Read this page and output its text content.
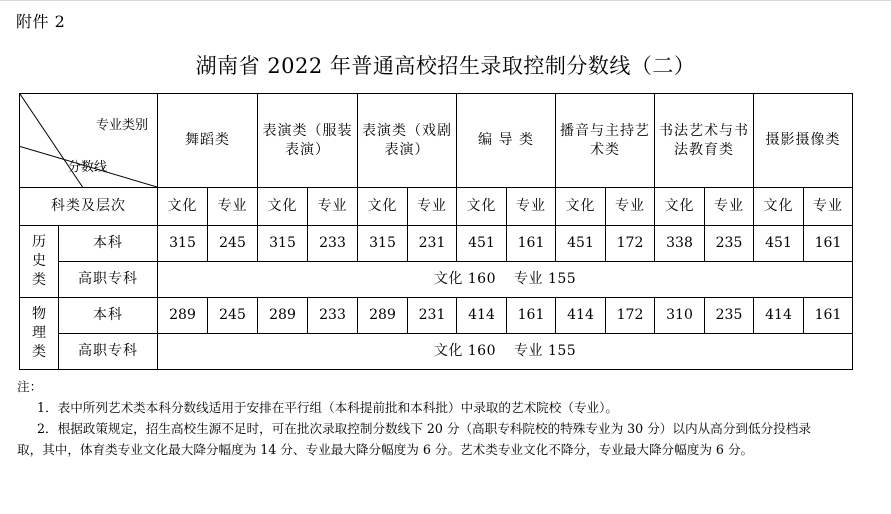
附件 2
湖南省 2022 年普通高校招生录取控制分数线（二）
专业类别
分数线		舞蹈类		表演类（服装表演）		表演类（戏剧表演）		编 导 类		播音与主持艺术类		书法艺术与书法教育类		摄影摄像类	
科类及层次		文化	专业	文化	专业	文化	专业	文化	专业	文化	专业	文化	专业	文化	专业
历史类	本科	315	245	315	233	315	231	451	161	451	172	338	235	451	161
	高职专科	文化 160 专业 155													
物理类	本科	289	245	289	233	289	231	414	161	414	172	310	235	414	161
	高职专科	文化 160 专业 155													
注：
1．表中所列艺术类本科分数线适用于安排在平行组（本科提前批和本科批）中录取的艺术院校（专业）。
2．根据政策规定，招生高校生源不足时，可在批次录取控制分数线下 20 分（高职专科院校的特殊专业为 30 分）以内从高分到低分投档录
取，其中，体育类专业文化最大降分幅度为 14 分、专业最大降分幅度为 6 分。艺术类专业文化不降分，专业最大降分幅度为 6 分。
